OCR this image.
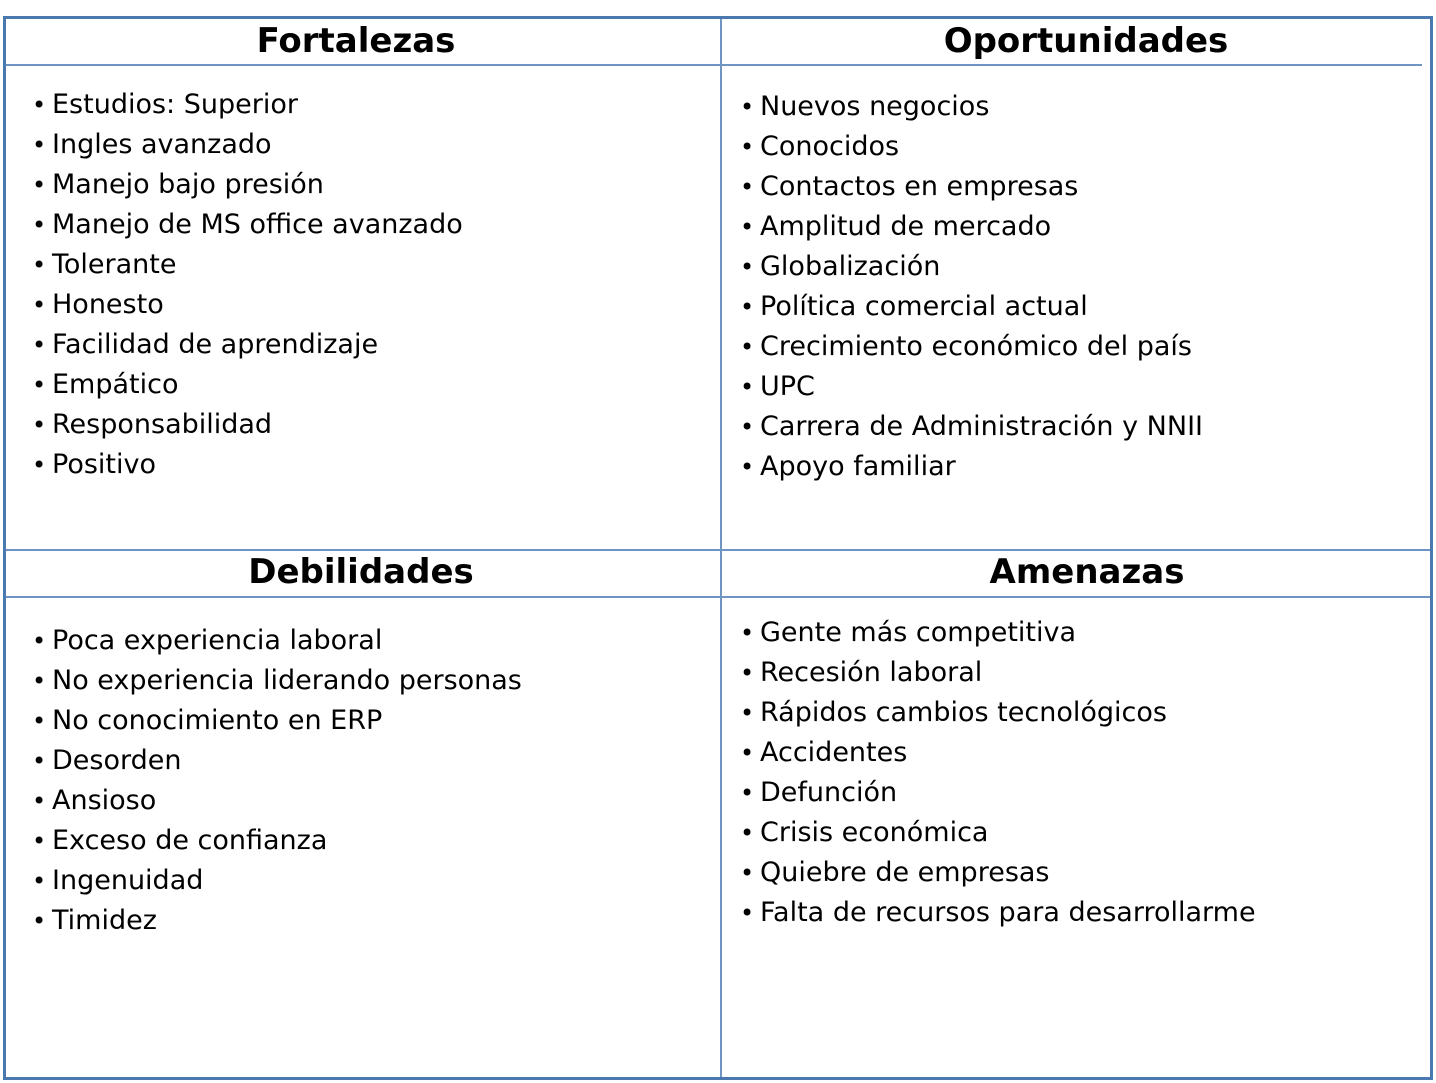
Fortalezas	Oportunidades
Debilidades	Amenazas
• Estudios: Superior
• Ingles avanzado
• Manejo bajo presión
• Manejo de MS office avanzado
• Tolerante
• Honesto
• Facilidad de aprendizaje
• Empático
• Responsabilidad
• Positivo
• Nuevos negocios
• Conocidos
• Contactos en empresas
• Amplitud de mercado
• Globalización
• Política comercial actual
• Crecimiento económico del país
• UPC
• Carrera de Administración y NNII
• Apoyo familiar
• Poca experiencia laboral
• No experiencia liderando personas
• No conocimiento en ERP
• Desorden
• Ansioso
• Exceso de confianza
• Ingenuidad
• Timidez
• Gente más competitiva
• Recesión laboral
• Rápidos cambios tecnológicos
• Accidentes
• Defunción
• Crisis económica
• Quiebre de empresas
• Falta de recursos para desarrollarme
